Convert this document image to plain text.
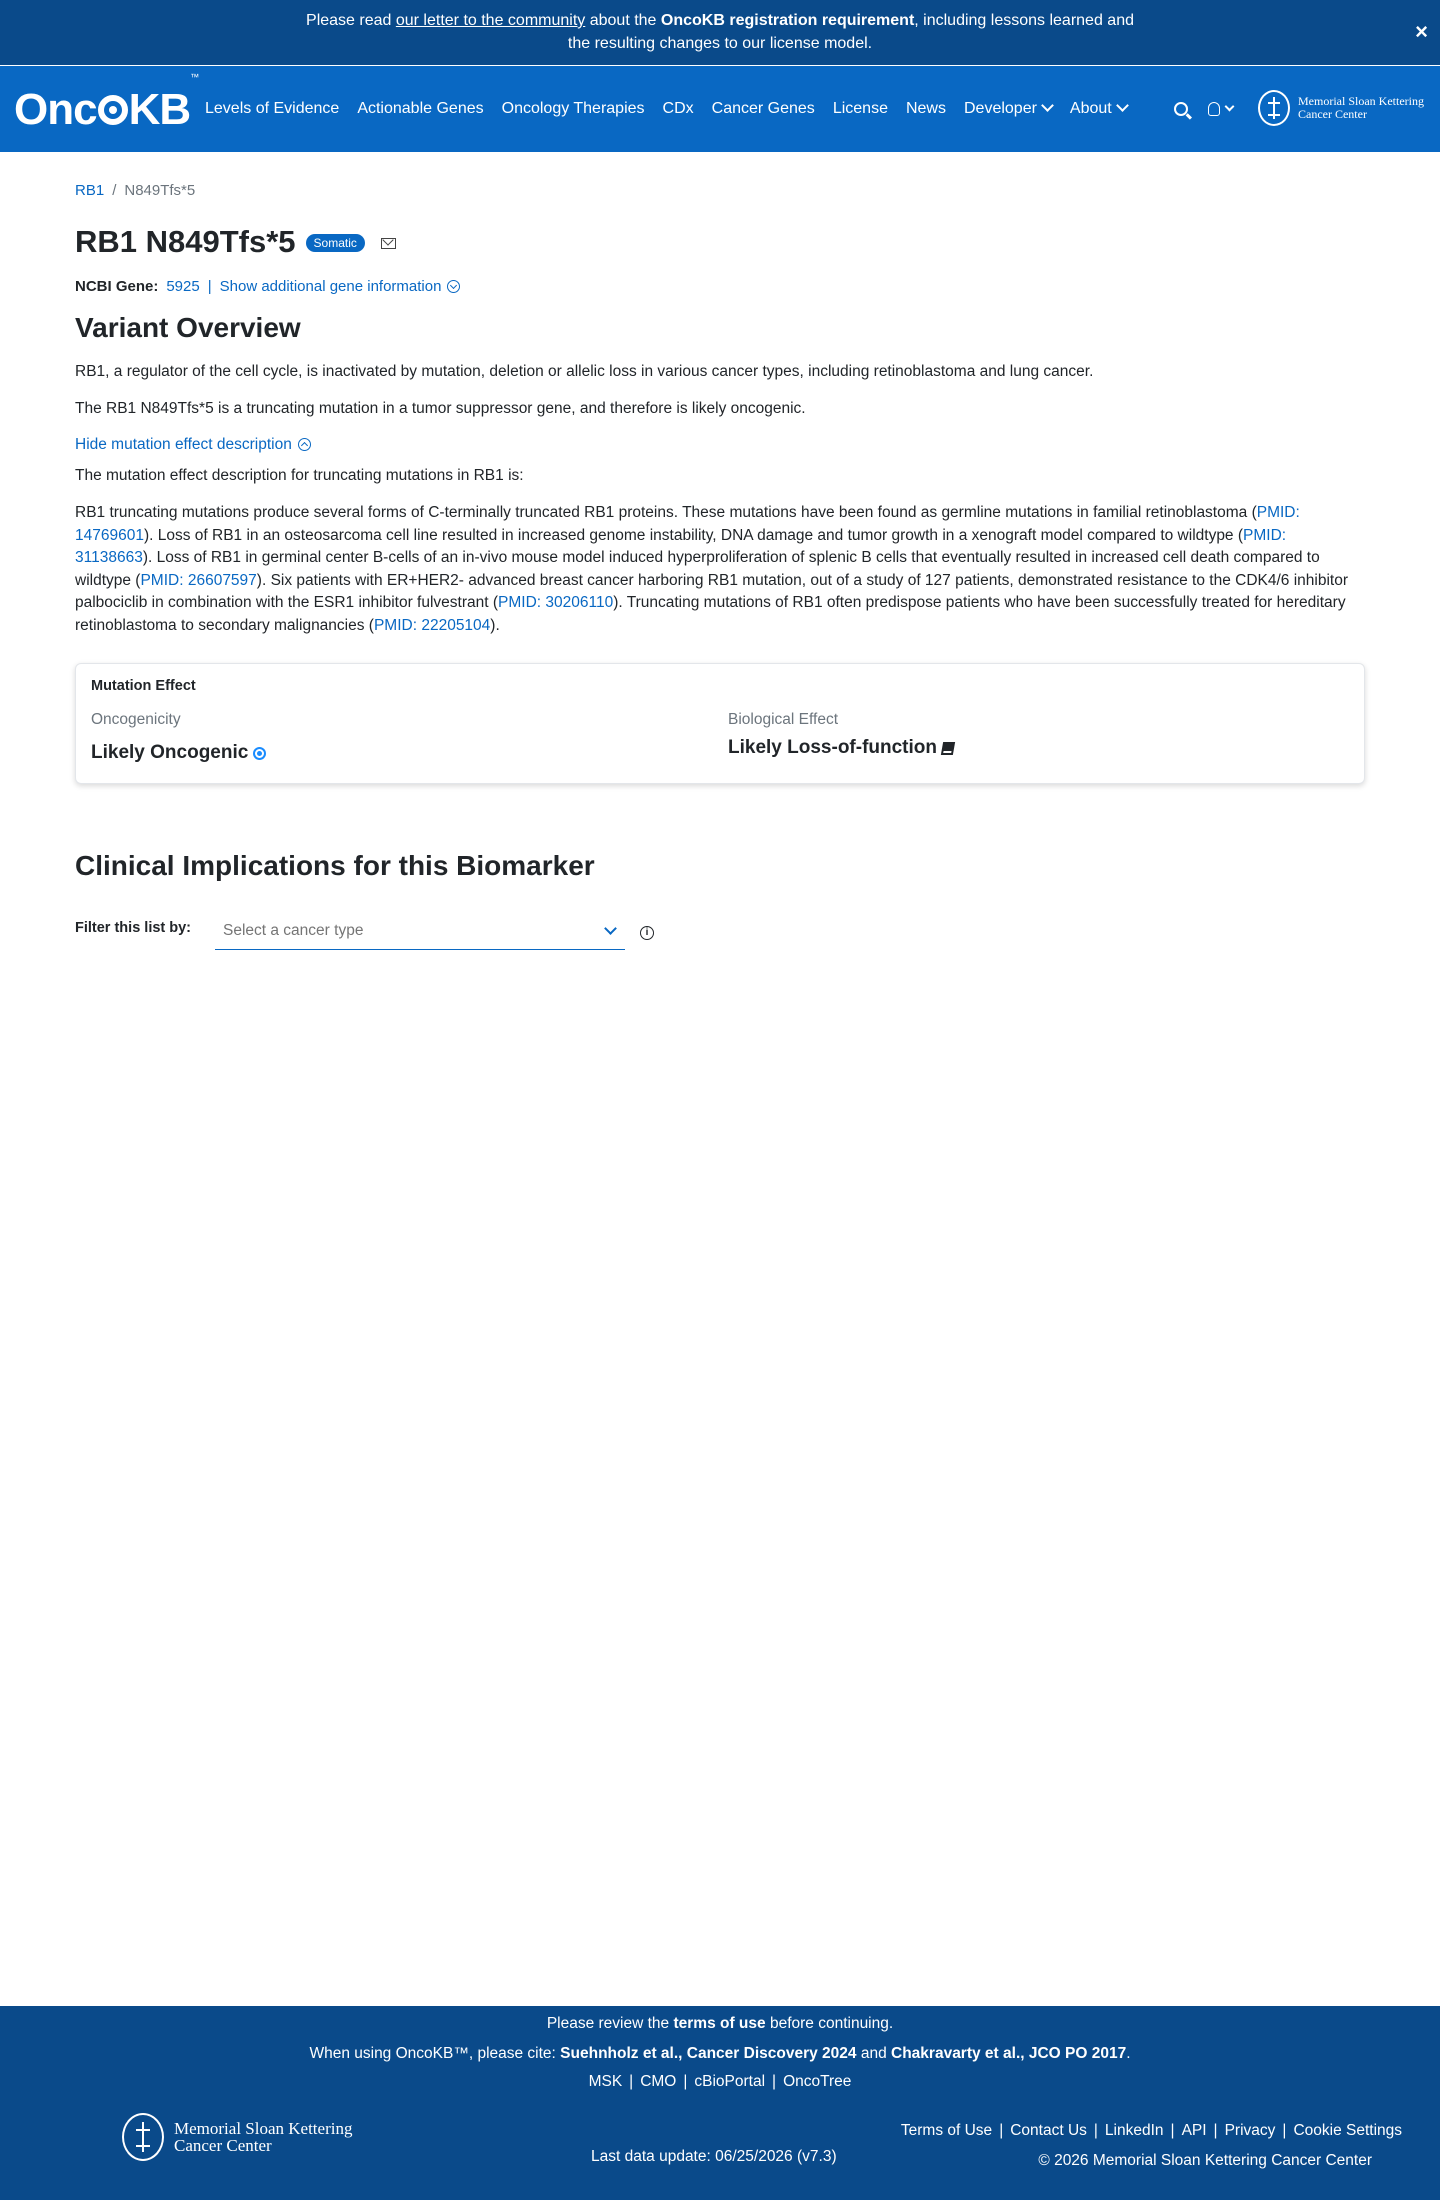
Please read our letter to the community about the OncoKB registration requirement, including lessons learned and
the resulting changes to our license model.	×
Onc KB™
Levels of Evidence Actionable Genes Oncology Therapies CDx Cancer Genes License News Developer	About	Memorial Sloan Kettering
Cancer Center
RB1 / N849Tfs*5
RB1 N849Tfs*5	Somatic
NCBI Gene: 5925 | Show additional gene information
Variant Overview

RB1, a regulator of the cell cycle, is inactivated by mutation, deletion or allelic loss in various cancer types, including retinoblastoma and lung cancer.

The RB1 N849Tfs*5 is a truncating mutation in a tumor suppressor gene, and therefore is likely oncogenic.

Hide mutation effect description

The mutation effect description for truncating mutations in RB1 is:

RB1 truncating mutations produce several forms of C-terminally truncated RB1 proteins. These mutations have been found as germline mutations in familial retinoblastoma (PMID: 14769601). Loss of RB1 in an osteosarcoma cell line resulted in increased genome instability, DNA damage and tumor growth in a xenograft model compared to wildtype (PMID: 31138663). Loss of RB1 in germinal center B-cells of an in-vivo mouse model induced hyperproliferation of splenic B cells that eventually resulted in increased cell death compared to wildtype (PMID: 26607597). Six patients with ER+HER2- advanced breast cancer harboring RB1 mutation, out of a study of 127 patients, demonstrated resistance to the CDK4/6 inhibitor palbociclib in combination with the ESR1 inhibitor fulvestrant (PMID: 30206110). Truncating mutations of RB1 often predispose patients who have been successfully treated for hereditary retinoblastoma to secondary malignancies (PMID: 22205104).

Mutation Effect
Oncogenicity
Likely Oncogenic
Biological Effect
Likely Loss-of-function
Clinical Implications for this Biomarker
Filter this list by: Select a cancer type	i
Please review the terms of use before continuing.
When using OncoKB™, please cite: Suehnholz et al., Cancer Discovery 2024 and Chakravarty et al., JCO PO 2017.
MSK | CMO | cBioPortal | OncoTree
Memorial Sloan Kettering
Cancer Center
Last data update: 06/25/2026 (v7.3)
Terms of Use | Contact Us | LinkedIn | API | Privacy | Cookie Settings
© 2026 Memorial Sloan Kettering Cancer Center
